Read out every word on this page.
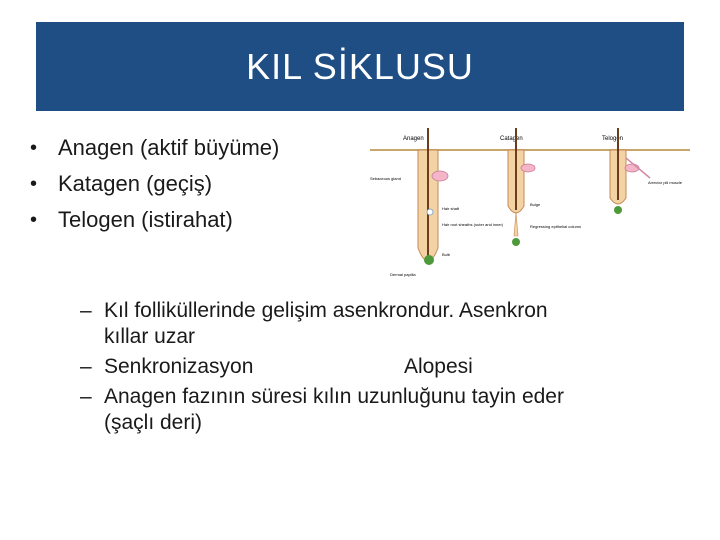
KIL SİKLUSU
• Anagen (aktif büyüme)
• Katagen (geçiş)
• Telogen (istirahat)
Anagen	Catagen	Telogen
Sebaceous gland
Hair shaft
Hair root sheaths (outer and inner)
Bulb
Dermal papilla
Bulge
Regressing epithelial column
Arrector pili muscle
– Kıl folliküllerinde gelişim asenkrondur. Asenkron
kıllar uzar
– Senkronizasyon	Alopesi
– Anagen fazının süresi kılın uzunluğunu tayin eder
(şaçlı deri)
